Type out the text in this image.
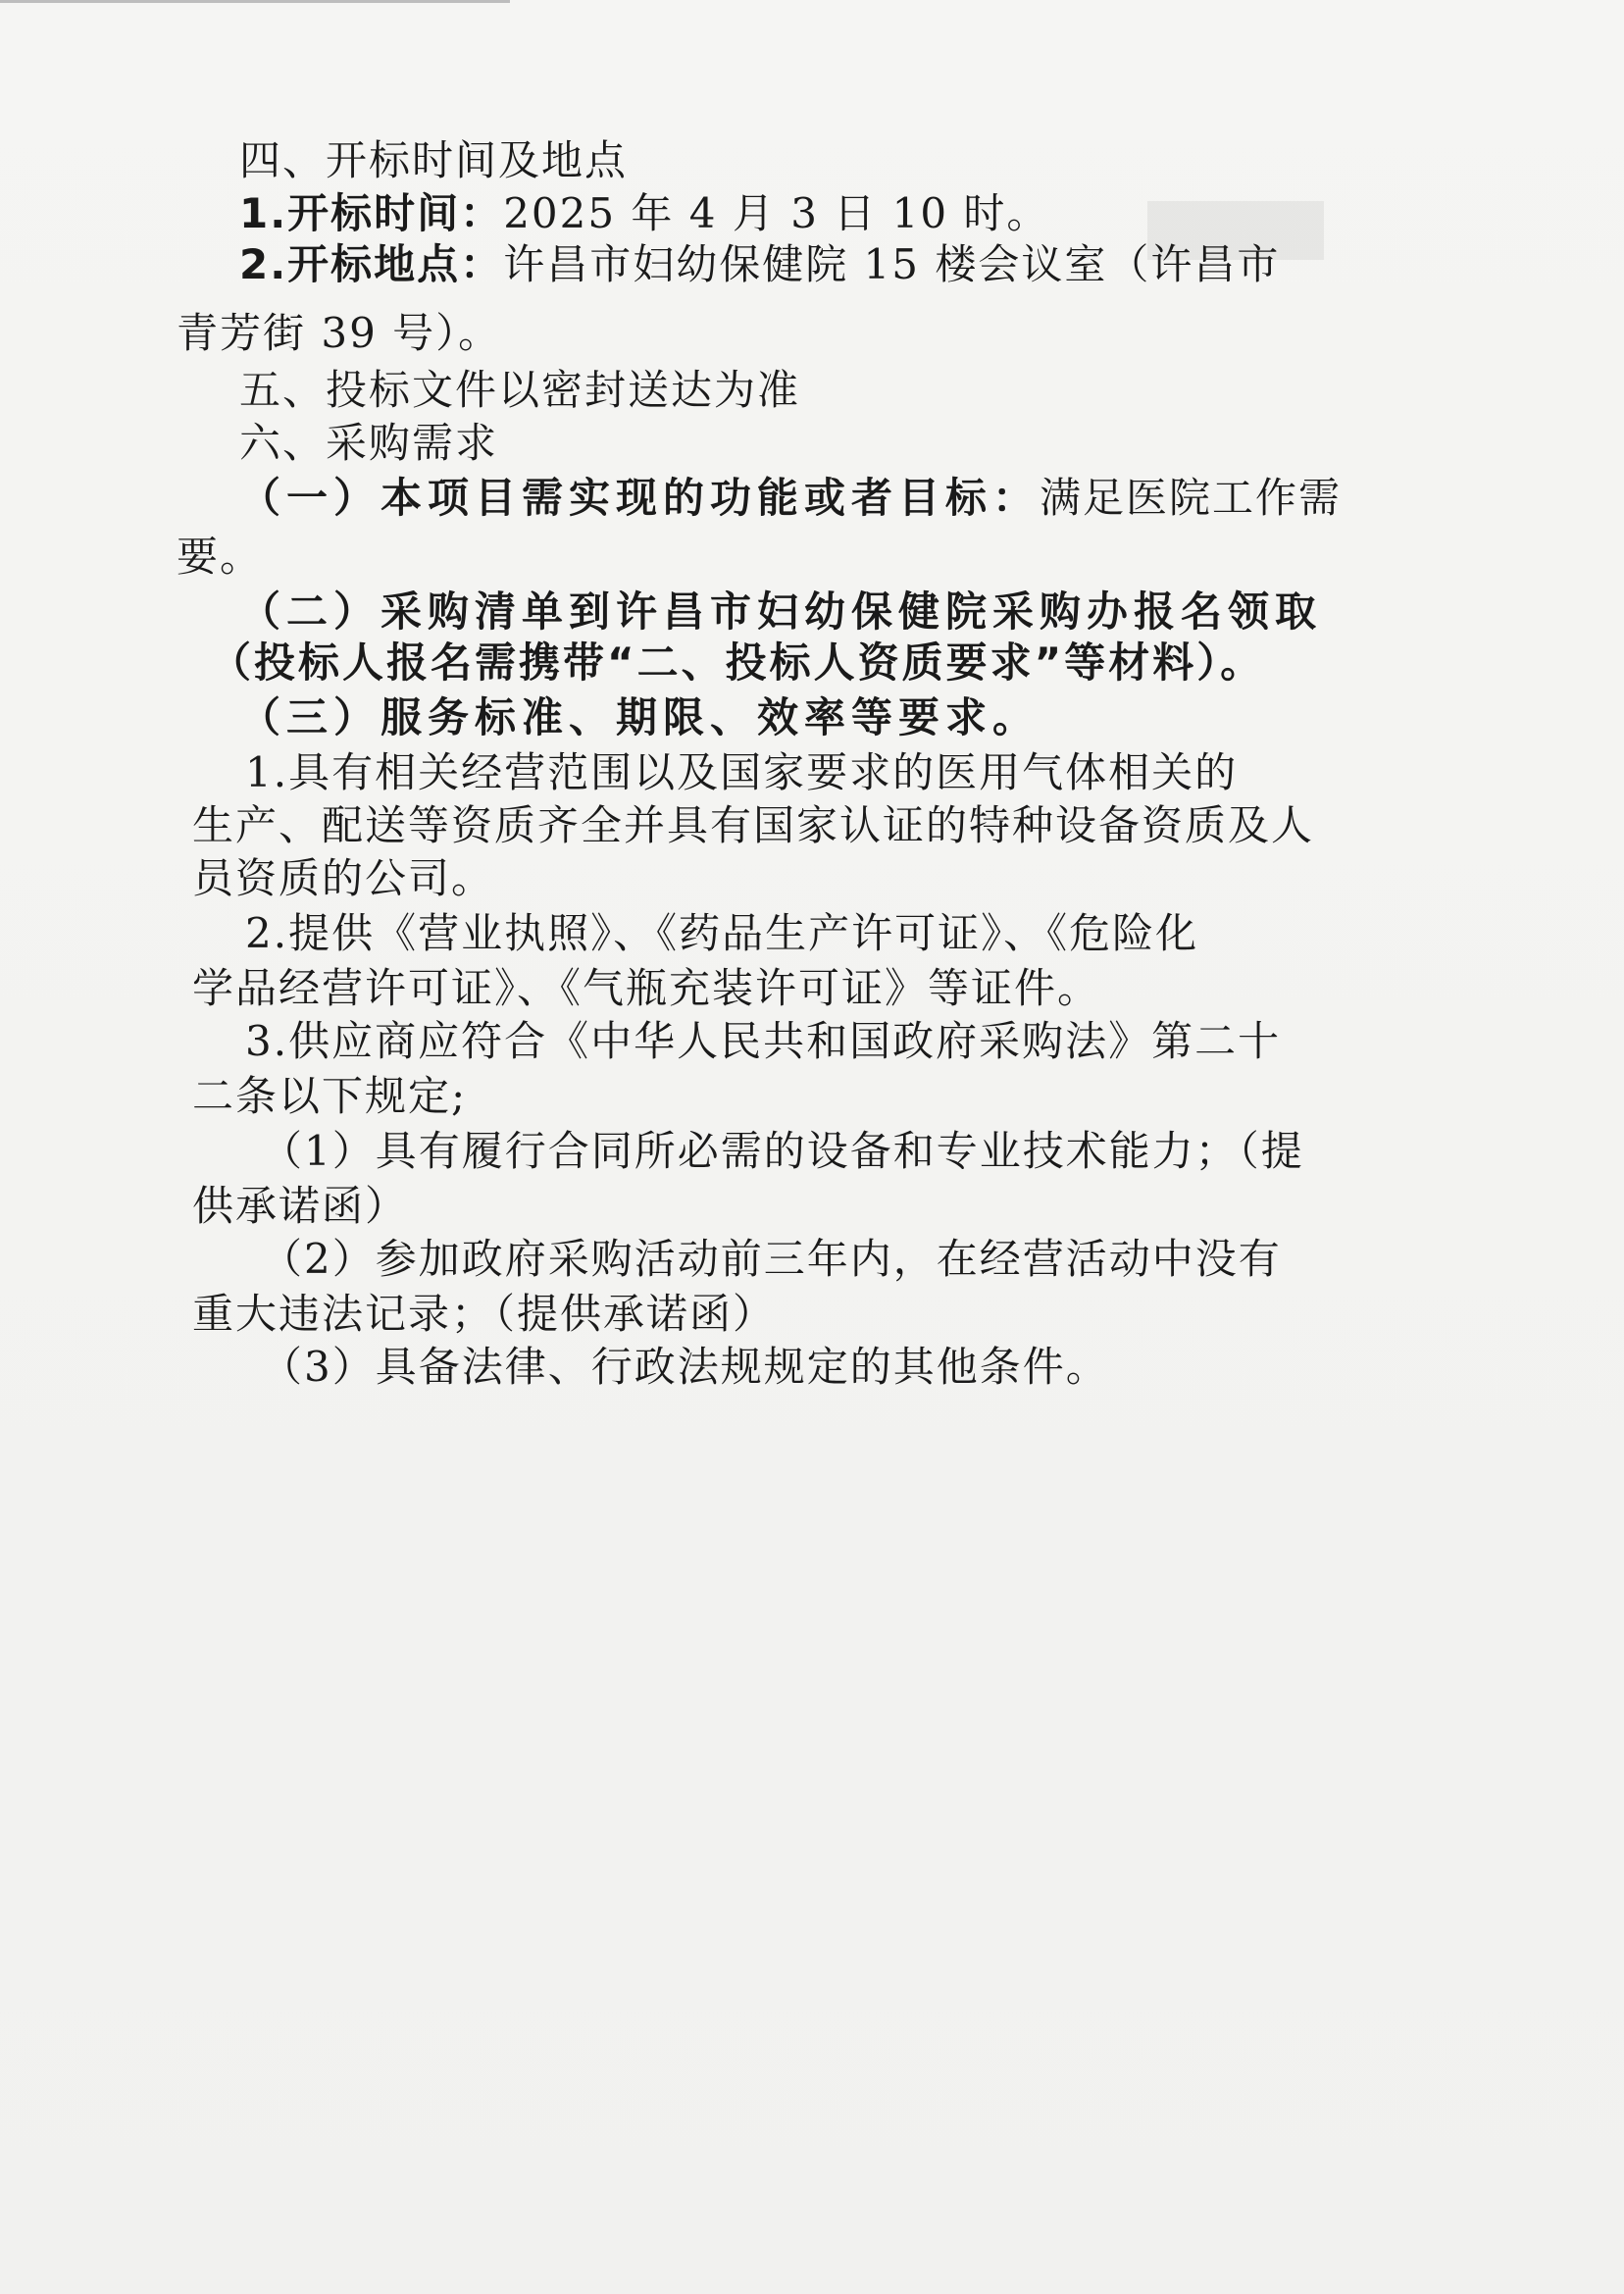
四、开标时间及地点
1.开标时间：2025 年 4 月 3 日 10 时。
2.开标地点：许昌市妇幼保健院 15 楼会议室（许昌市
青芳街 39 号）。
五、投标文件以密封送达为准
六、采购需求
（一）本项目需实现的功能或者目标：满足医院工作需
要。
（二）采购清单到许昌市妇幼保健院采购办报名领取
（投标人报名需携带“二、投标人资质要求”等材料）。
（三）服务标准、期限、效率等要求。
1.具有相关经营范围以及国家要求的医用气体相关的
生产、配送等资质齐全并具有国家认证的特种设备资质及人
员资质的公司。
2.提供《营业执照》、《药品生产许可证》、《危险化
学品经营许可证》、《气瓶充装许可证》等证件。
3.供应商应符合《中华人民共和国政府采购法》第二十
二条以下规定;
（1）具有履行合同所必需的设备和专业技术能力；（提
供承诺函）
（2）参加政府采购活动前三年内，在经营活动中没有
重大违法记录；（提供承诺函）
（3）具备法律、行政法规规定的其他条件。
